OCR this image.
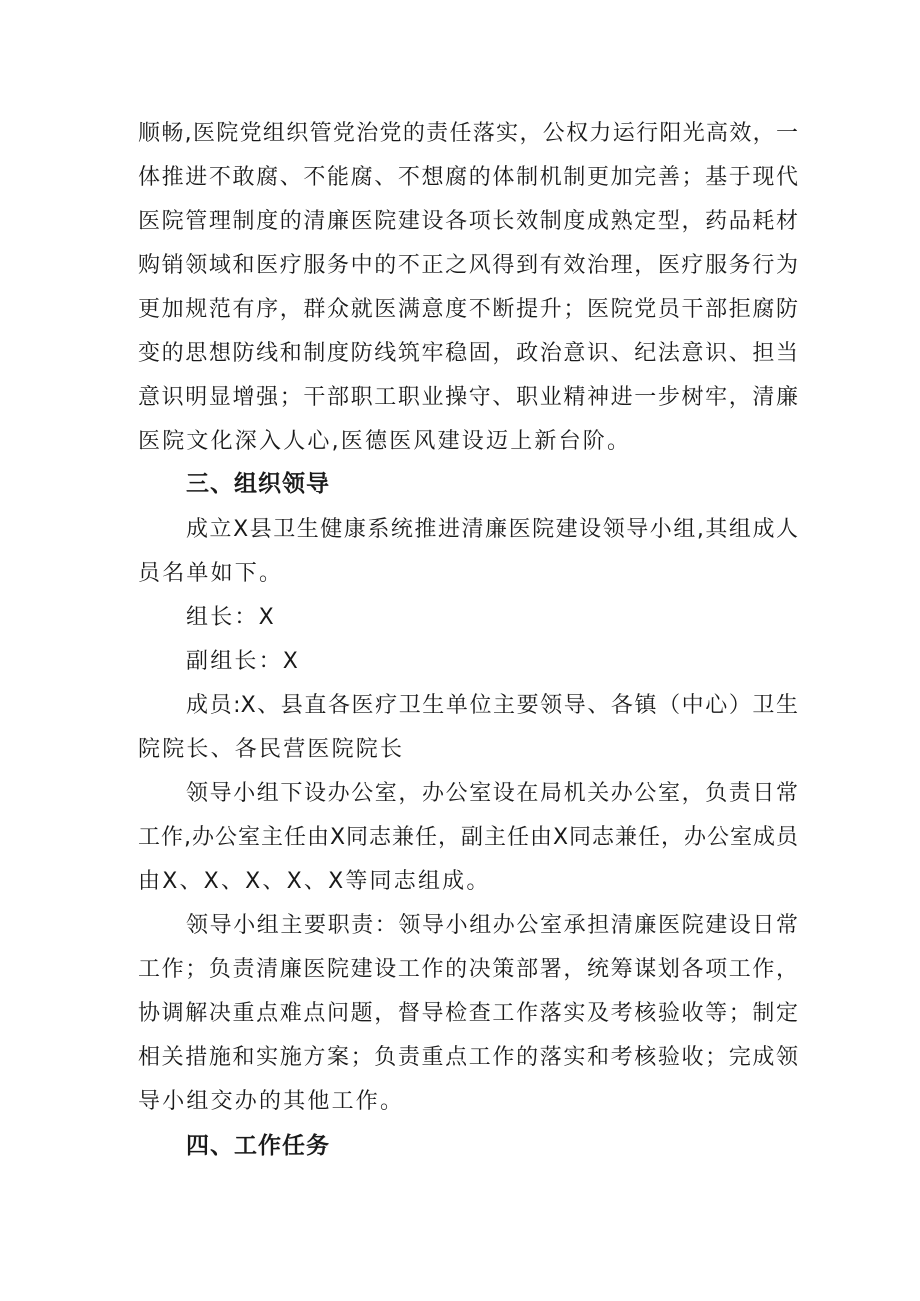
顺畅,医院党组织管党治党的责任落实，公权力运行阳光高效，一
体推进不敢腐、不能腐、不想腐的体制机制更加完善；基于现代
医院管理制度的清廉医院建设各项长效制度成熟定型，药品耗材
购销领域和医疗服务中的不正之风得到有效治理，医疗服务行为
更加规范有序，群众就医满意度不断提升；医院党员干部拒腐防
变的思想防线和制度防线筑牢稳固，政治意识、纪法意识、担当
意识明显增强；干部职工职业操守、职业精神进一步树牢，清廉
医院文化深入人心,医德医风建设迈上新台阶。
三、组织领导
成立X县卫生健康系统推进清廉医院建设领导小组,其组成人
员名单如下。
组长：X
副组长：X
成员:X、县直各医疗卫生单位主要领导、各镇（中心）卫生
院院长、各民营医院院长
领导小组下设办公室，办公室设在局机关办公室，负责日常
工作,办公室主任由X同志兼任，副主任由X同志兼任，办公室成员
由X、X、X、X、X等同志组成。
领导小组主要职责：领导小组办公室承担清廉医院建设日常
工作；负责清廉医院建设工作的决策部署，统筹谋划各项工作，
协调解决重点难点问题，督导检查工作落实及考核验收等；制定
相关措施和实施方案；负责重点工作的落实和考核验收；完成领
导小组交办的其他工作。
四、工作任务
